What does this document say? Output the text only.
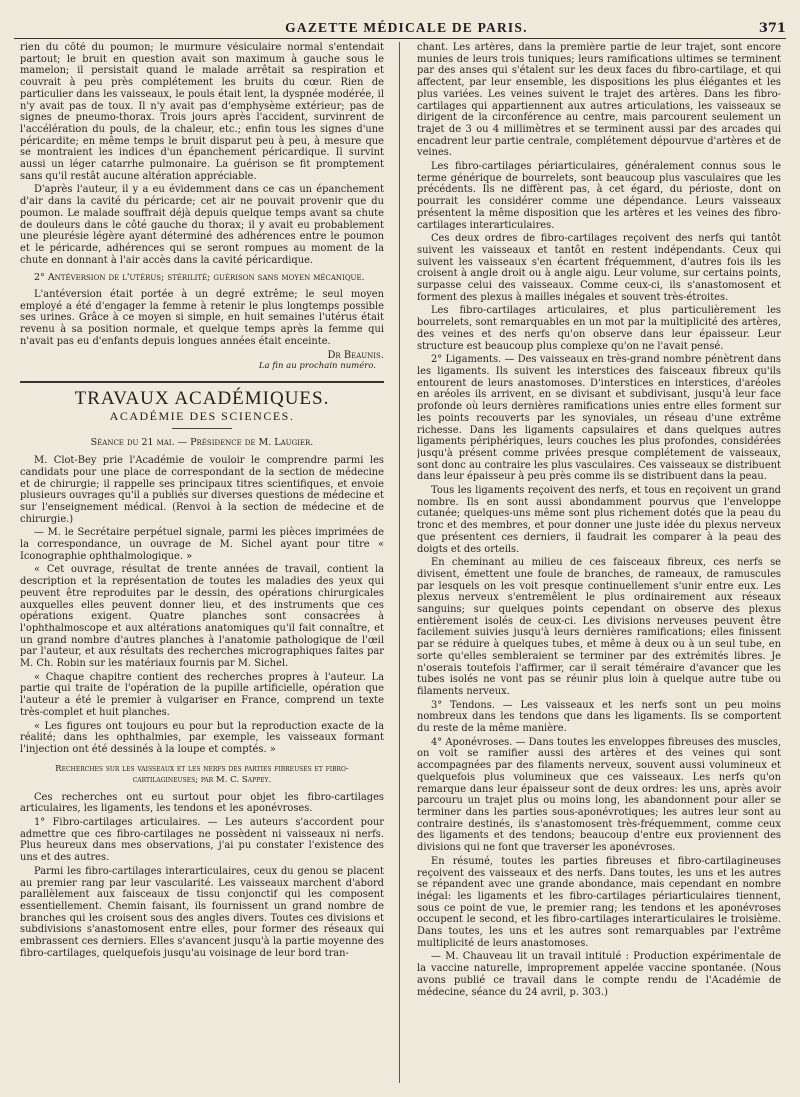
GAZETTE MÉDICALE DE PARIS.	371

rien du côté du poumon; le murmure vésiculaire normal s'entendait partout; le bruit en question avait son maximum à gauche sous le mamelon; il persistait quand le malade arrêtait sa respiration et couvrait à peu près complétement les bruits du cœur. Rien de particulier dans les vaisseaux, le pouls était lent, la dyspnée modérée, il n'y avait pas de toux. Il n'y avait pas d'emphysème extérieur; pas de signes de pneumo-thorax. Trois jours après l'accident, survinrent de l'accélération du pouls, de la chaleur, etc.; enfin tous les signes d'une péricardite; en même temps le bruit disparut peu à peu, à mesure que se montraient les indices d'un épanchement péricardique. Il survint aussi un léger catarrhe pulmonaire. La guérison se fit promptement sans qu'il restât aucune altération appréciable.

D'après l'auteur, il y a eu évidemment dans ce cas un épanchement d'air dans la cavité du péricarde; cet air ne pouvait provenir que du poumon. Le malade souffrait déjà depuis quelque temps avant sa chute de douleurs dans le côté gauche du thorax; il y avait eu probablement une pleurésie légère ayant déterminé des adhérences entre le poumon et le péricarde, adhérences qui se seront rompues au moment de la chute en donnant à l'air accès dans la cavité péricardique.

2° Antéversion de l'utérus; stérilité; guérison sans moyen mécanique.

L'antéversion était portée à un degré extrême; le seul moyen employé a été d'engager la femme à retenir le plus longtemps possible ses urines. Grâce à ce moyen si simple, en huit semaines l'utérus était revenu à sa position normale, et quelque temps après la femme qui n'avait pas eu d'enfants depuis longues années était enceinte.

Dr Beaunis.

La fin au prochain numéro.

TRAVAUX ACADÉMIQUES.
ACADÉMIE DES SCIENCES.
Séance du 21 mai. — Présidence de M. Laugier.

M. Clot-Bey prie l'Académie de vouloir le comprendre parmi les candidats pour une place de correspondant de la section de médecine et de chirurgie; il rappelle ses principaux titres scientifiques, et envoie plusieurs ouvrages qu'il a publiés sur diverses questions de médecine et sur l'enseignement médical. (Renvoi à la section de médecine et de chirurgie.)

— M. le Secrétaire perpétuel signale, parmi les pièces imprimées de la correspondance, un ouvrage de M. Sichel ayant pour titre « Iconographie ophthalmologique. »

« Cet ouvrage, résultat de trente années de travail, contient la description et la représentation de toutes les maladies des yeux qui peuvent être reproduites par le dessin, des opérations chirurgicales auxquelles elles peuvent donner lieu, et des instruments que ces opérations exigent. Quatre planches sont consacrées à l'ophthalmoscope et aux altérations anatomiques qu'il fait connaître, et un grand nombre d'autres planches à l'anatomie pathologique de l'œil par l'auteur, et aux résultats des recherches micrographiques faites par M. Ch. Robin sur les matériaux fournis par M. Sichel.

« Chaque chapitre contient des recherches propres à l'auteur. La partie qui traite de l'opération de la pupille artificielle, opération que l'auteur a été le premier à vulgariser en France, comprend un texte très-complet et huit planches.

« Les figures ont toujours eu pour but la reproduction exacte de la réalité; dans les ophthalmies, par exemple, les vaisseaux formant l'injection ont été dessinés à la loupe et comptés. »

Recherches sur les vaisseaux et les nerfs des parties fibreuses et fibro-cartilagineuses; par M. C. Sappey.

Ces recherches ont eu surtout pour objet les fibro-cartilages articulaires, les ligaments, les tendons et les aponévroses.

1° Fibro-cartilages articulaires. — Les auteurs s'accordent pour admettre que ces fibro-cartilages ne possèdent ni vaisseaux ni nerfs. Plus heureux dans mes observations, j'ai pu constater l'existence des uns et des autres.

Parmi les fibro-cartilages interarticulaires, ceux du genou se placent au premier rang par leur vascularité. Les vaisseaux marchent d'abord parallèlement aux faisceaux de tissu conjonctif qui les composent essentiellement. Chemin faisant, ils fournissent un grand nombre de branches qui les croisent sous des angles divers. Toutes ces divisions et subdivisions s'anastomosent entre elles, pour former des réseaux qui embrassent ces derniers. Elles s'avancent jusqu'à la partie moyenne des fibro-cartilages, quelquefois jusqu'au voisinage de leur bord tran-

chant. Les artères, dans la première partie de leur trajet, sont encore munies de leurs trois tuniques; leurs ramifications ultimes se terminent par des anses qui s'étalent sur les deux faces du fibro-cartilage, et qui affectent, par leur ensemble, les dispositions les plus élégantes et les plus variées. Les veines suivent le trajet des artères. Dans les fibro-cartilages qui appartiennent aux autres articulations, les vaisseaux se dirigent de la circonférence au centre, mais parcourent seulement un trajet de 3 ou 4 millimètres et se terminent aussi par des arcades qui encadrent leur partie centrale, complétement dépourvue d'artères et de veines.

Les fibro-cartilages périarticulaires, généralement connus sous le terme générique de bourrelets, sont beaucoup plus vasculaires que les précédents. Ils ne diffèrent pas, à cet égard, du périoste, dont on pourrait les considérer comme une dépendance. Leurs vaisseaux présentent la même disposition que les artères et les veines des fibro-cartilages interarticulaires.

Ces deux ordres de fibro-cartilages reçoivent des nerfs qui tantôt suivent les vaisseaux et tantôt en restent indépendants. Ceux qui suivent les vaisseaux s'en écartent fréquemment, d'autres fois ils les croisent à angle droit ou à angle aigu. Leur volume, sur certains points, surpasse celui des vaisseaux. Comme ceux-ci, ils s'anastomosent et forment des plexus à mailles inégales et souvent très-étroites.

Les fibro-cartilages articulaires, et plus particulièrement les bourrelets, sont remarquables en un mot par la multiplicité des artères, des veines et des nerfs qu'on observe dans leur épaisseur. Leur structure est beaucoup plus complexe qu'on ne l'avait pensé.

2° Ligaments. — Des vaisseaux en très-grand nombre pénètrent dans les ligaments. Ils suivent les interstices des faisceaux fibreux qu'ils entourent de leurs anastomoses. D'interstices en interstices, d'aréoles en aréoles ils arrivent, en se divisant et subdivisant, jusqu'à leur face profonde où leurs dernières ramifications unies entre elles forment sur les points recouverts par les synoviales, un réseau d'une extrême richesse. Dans les ligaments capsulaires et dans quelques autres ligaments périphériques, leurs couches les plus profondes, considérées jusqu'à présent comme privées presque complétement de vaisseaux, sont donc au contraire les plus vasculaires. Ces vaisseaux se distribuent dans leur épaisseur à peu près comme ils se distribuent dans la peau.

Tous les ligaments reçoivent des nerfs, et tous en reçoivent un grand nombre. Ils en sont aussi abondamment pourvus que l'enveloppe cutanée; quelques-uns même sont plus richement dotés que la peau du tronc et des membres, et pour donner une juste idée du plexus nerveux que présentent ces derniers, il faudrait les comparer à la peau des doigts et des orteils.

En cheminant au milieu de ces faisceaux fibreux, ces nerfs se divisent, émettent une foule de branches, de rameaux, de ramuscules par lesquels on les voit presque continuellement s'unir entre eux. Les plexus nerveux s'entremêlent le plus ordinairement aux réseaux sanguins; sur quelques points cependant on observe des plexus entièrement isolés de ceux-ci. Les divisions nerveuses peuvent être facilement suivies jusqu'à leurs dernières ramifications; elles finissent par se réduire à quelques tubes, et même à deux ou à un seul tube, en sorte qu'elles sembleraient se terminer par des extrémités libres. Je n'oserais toutefois l'affirmer, car il serait téméraire d'avancer que les tubes isolés ne vont pas se réunir plus loin à quelque autre tube ou filaments nerveux.

3° Tendons. — Les vaisseaux et les nerfs sont un peu moins nombreux dans les tendons que dans les ligaments. Ils se comportent du reste de la même manière.

4° Aponévroses. — Dans toutes les enveloppes fibreuses des muscles, on voit se ramifier aussi des artères et des veines qui sont accompagnées par des filaments nerveux, souvent aussi volumineux et quelquefois plus volumineux que ces vaisseaux. Les nerfs qu'on remarque dans leur épaisseur sont de deux ordres: les uns, après avoir parcouru un trajet plus ou moins long, les abandonnent pour aller se terminer dans les parties sous-aponévrotiques; les autres leur sont au contraire destinés, ils s'anastomosent très-fréquemment, comme ceux des ligaments et des tendons; beaucoup d'entre eux proviennent des divisions qui ne font que traverser les aponévroses.

En résumé, toutes les parties fibreuses et fibro-cartilagineuses reçoivent des vaisseaux et des nerfs. Dans toutes, les uns et les autres se répandent avec une grande abondance, mais cependant en nombre inégal: les ligaments et les fibro-cartilages périarticulaires tiennent, sous ce point de vue, le premier rang; les tendons et les aponévroses occupent le second, et les fibro-cartilages interarticulaires le troisième. Dans toutes, les uns et les autres sont remarquables par l'extrême multiplicité de leurs anastomoses.

— M. Chauveau lit un travail intitulé : Production expérimentale de la vaccine naturelle, improprement appelée vaccine spontanée. (Nous avons publié ce travail dans le compte rendu de l'Académie de médecine, séance du 24 avril, p. 303.)
